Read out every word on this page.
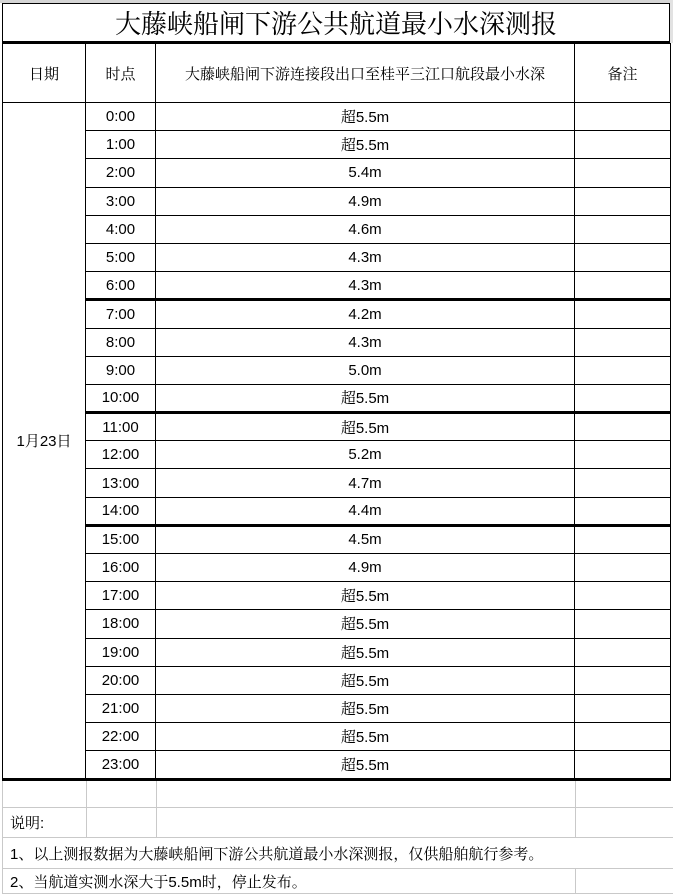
大藤峡船闸下游公共航道最小水深测报
日期	时点	大藤峡船闸下游连接段出口至桂平三江口航段最小水深	备注
1月23日	0:00	超5.5m	
	1:00	超5.5m	
	2:00	5.4m	
	3:00	4.9m	
	4:00	4.6m	
	5:00	4.3m	
	6:00	4.3m	
	7:00	4.2m	
	8:00	4.3m	
	9:00	5.0m	
	10:00	超5.5m	
	11:00	超5.5m	
	12:00	5.2m	
	13:00	4.7m	
	14:00	4.4m	
	15:00	4.5m	
	16:00	4.9m	
	17:00	超5.5m	
	18:00	超5.5m	
	19:00	超5.5m	
	20:00	超5.5m	
	21:00	超5.5m	
	22:00	超5.5m	
	23:00	超5.5m	

说明:			
1、以上测报数据为大藤峡船闸下游公共航道最小水深测报，仅供船舶航行参考。			
2、当航道实测水深大于5.5m时，停止发布。			
